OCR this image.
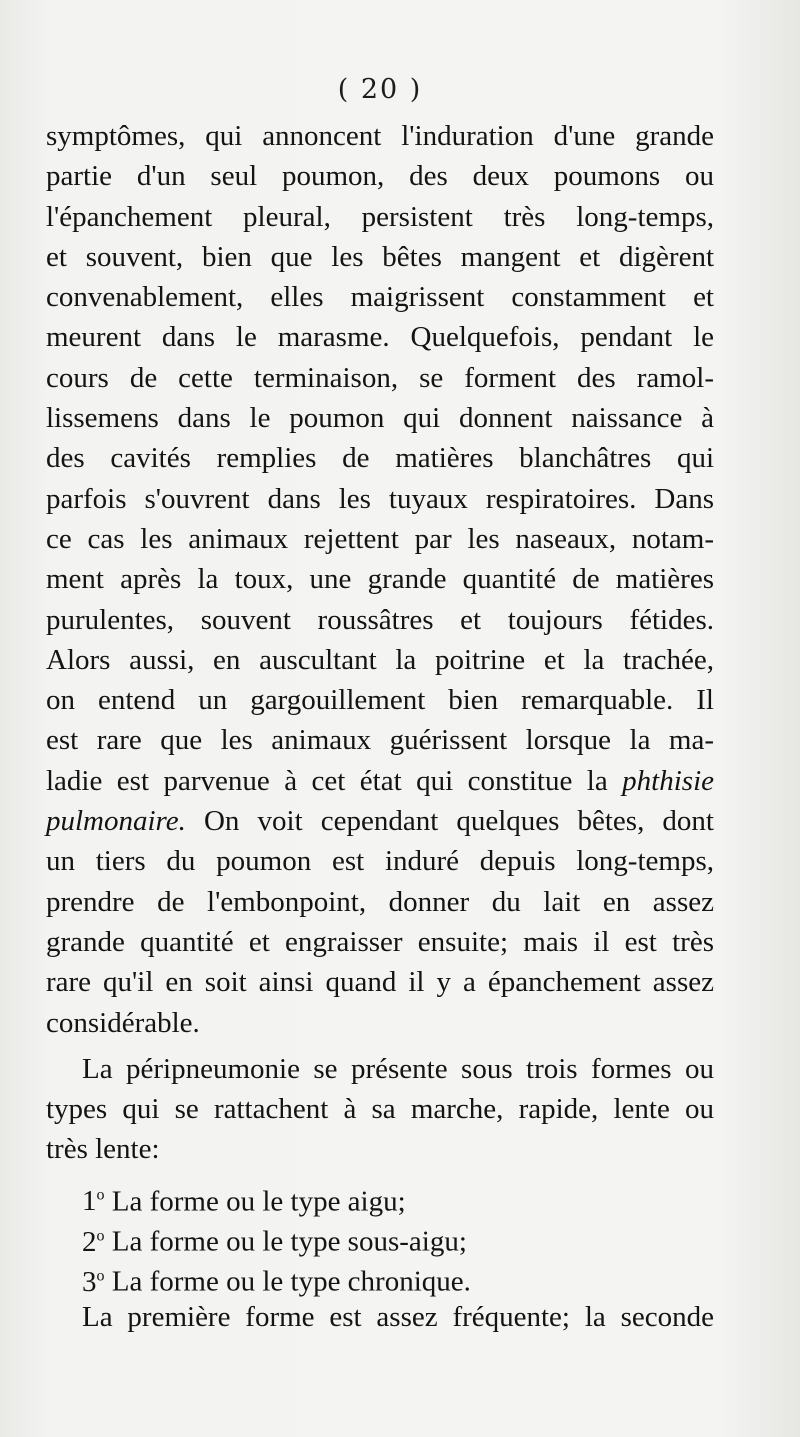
( 20 )
symptômes, qui annoncent l'induration d'une grande
partie d'un seul poumon, des deux poumons ou
l'épanchement pleural, persistent très long-temps,
et souvent, bien que les bêtes mangent et digèrent
convenablement, elles maigrissent constamment et
meurent dans le marasme. Quelquefois, pendant le
cours de cette terminaison, se forment des ramol-
lissemens dans le poumon qui donnent naissance à
des cavités remplies de matières blanchâtres qui
parfois s'ouvrent dans les tuyaux respiratoires. Dans
ce cas les animaux rejettent par les naseaux, notam-
ment après la toux, une grande quantité de matières
purulentes, souvent roussâtres et toujours fétides.
Alors aussi, en auscultant la poitrine et la trachée,
on entend un gargouillement bien remarquable. Il
est rare que les animaux guérissent lorsque la ma-
ladie est parvenue à cet état qui constitue la phthisie
pulmonaire. On voit cependant quelques bêtes, dont
un tiers du poumon est induré depuis long-temps,
prendre de l'embonpoint, donner du lait en assez
grande quantité et engraisser ensuite; mais il est très
rare qu'il en soit ainsi quand il y a épanchement assez
considérable.
La péripneumonie se présente sous trois formes ou
types qui se rattachent à sa marche, rapide, lente ou
très lente:
1$^o$ La forme ou le type aigu;
2$^o$ La forme ou le type sous-aigu;
3$^o$ La forme ou le type chronique.
La première forme est assez fréquente; la seconde
